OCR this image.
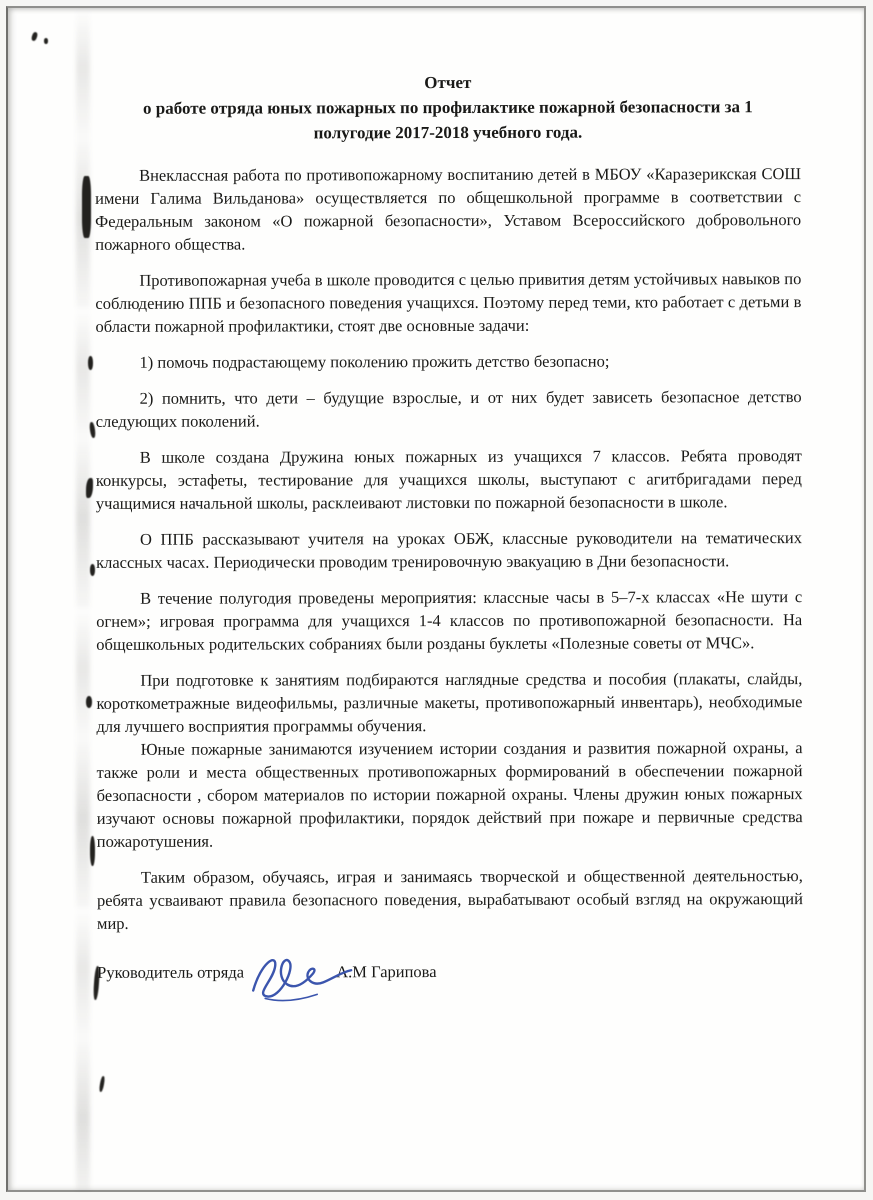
Отчет
о работе отряда юных пожарных по профилактике пожарной безопасности за 1 полугодие 2017-2018 учебного года.

Внеклассная работа по противопожарному воспитанию детей в МБОУ «Каразерикская СОШ имени Галима Вильданова» осуществляется по общешкольной программе в соответствии с Федеральным законом «О пожарной безопасности», Уставом Всероссийского добровольного пожарного общества.

Противопожарная учеба в школе проводится с целью привития детям устойчивых навыков по соблюдению ППБ и безопасного поведения учащихся. Поэтому перед теми, кто работает с детьми в области пожарной профилактики, стоят две основные задачи:

1) помочь подрастающему поколению прожить детство безопасно;

2) помнить, что дети – будущие взрослые, и от них будет зависеть безопасное детство следующих поколений.

В школе создана Дружина юных пожарных из учащихся 7 классов. Ребята проводят конкурсы, эстафеты, тестирование для учащихся школы, выступают с агитбригадами перед учащимися начальной школы, расклеивают листовки по пожарной безопасности в школе.

О ППБ рассказывают учителя на уроках ОБЖ, классные руководители на тематических классных часах. Периодически проводим тренировочную эвакуацию в Дни безопасности.

В течение полугодия проведены мероприятия: классные часы в 5–7-х классах «Не шути с огнем»; игровая программа для учащихся 1-4 классов по противопожарной безопасности. На общешкольных родительских собраниях были розданы буклеты «Полезные советы от МЧС».

При подготовке к занятиям подбираются наглядные средства и пособия (плакаты, слайды, короткометражные видеофильмы, различные макеты, противопожарный инвентарь), необходимые для лучшего восприятия программы обучения.

Юные пожарные занимаются изучением истории создания и развития пожарной охраны, а также роли и места общественных противопожарных формирований в обеспечении пожарной безопасности , сбором материалов по истории пожарной охраны. Члены дружин юных пожарных изучают основы пожарной профилактики, порядок действий при пожаре и первичные средства пожаротушения.

Таким образом, обучаясь, играя и занимаясь творческой и общественной деятельностью, ребята усваивают правила безопасного поведения, вырабатывают особый взгляд на окружающий мир.

Руководитель отряда	А.М Гарипова
